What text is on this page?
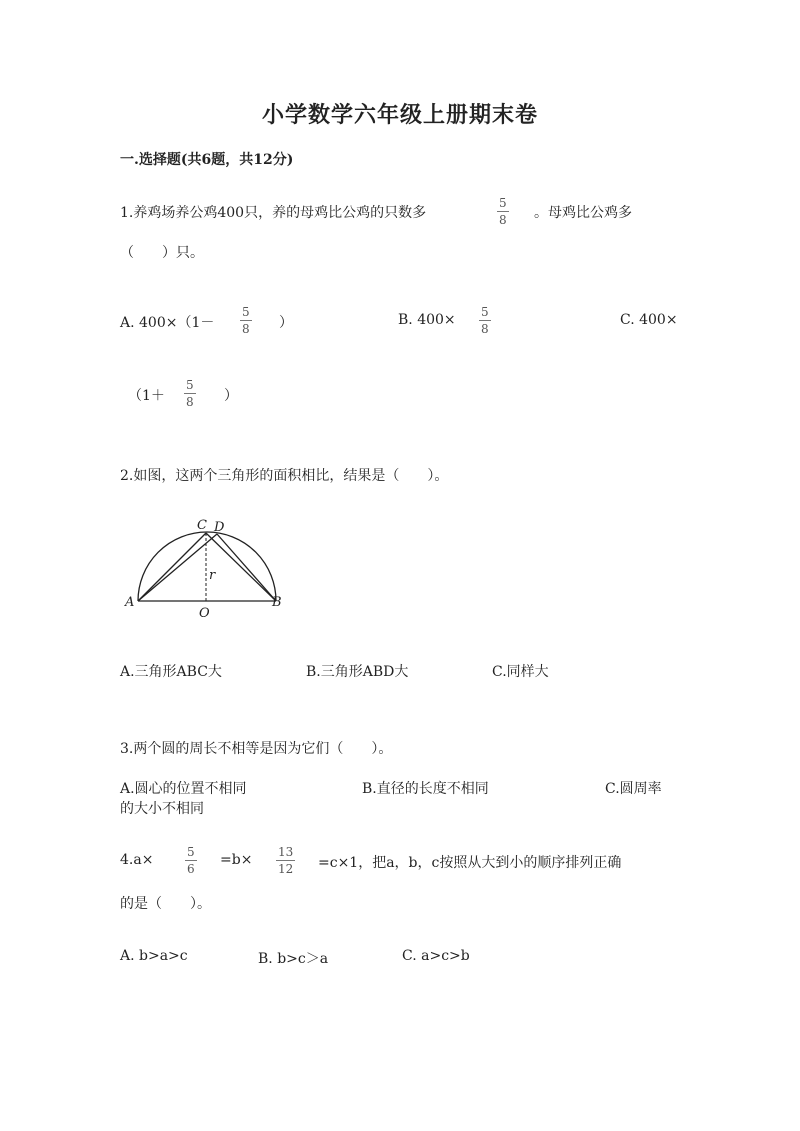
小学数学六年级上册期末卷
一.选择题(共6题，共12分)
1.养鸡场养公鸡400只，养的母鸡比公鸡的只数多	$\frac{5}{8}$ 。母鸡比公鸡多
（　　）只。
A. $400\times(1- \frac{5}{8}$ ）	B. $400\times \frac{5}{8}$	C. 400×
（$1+ \frac{5}{8}$ ）
2.如图，这两个三角形的面积相比，结果是（　　）。
A	B
C D
O
r
A.三角形ABC大	B.三角形ABD大	C.同样大
3.两个圆的周长不相等是因为它们（　　）。
A.圆心的位置不相同	B.直径的长度不相同	C.圆周率
的大小不相同
4.a×	$\frac{5}{6} =b\times \frac{13}{12} =c\times 1$，把a，b，c按照从大到小的顺序排列正确
的是（　　）。
A. b>a>c	B. b>c＞a	C. a>c>b
